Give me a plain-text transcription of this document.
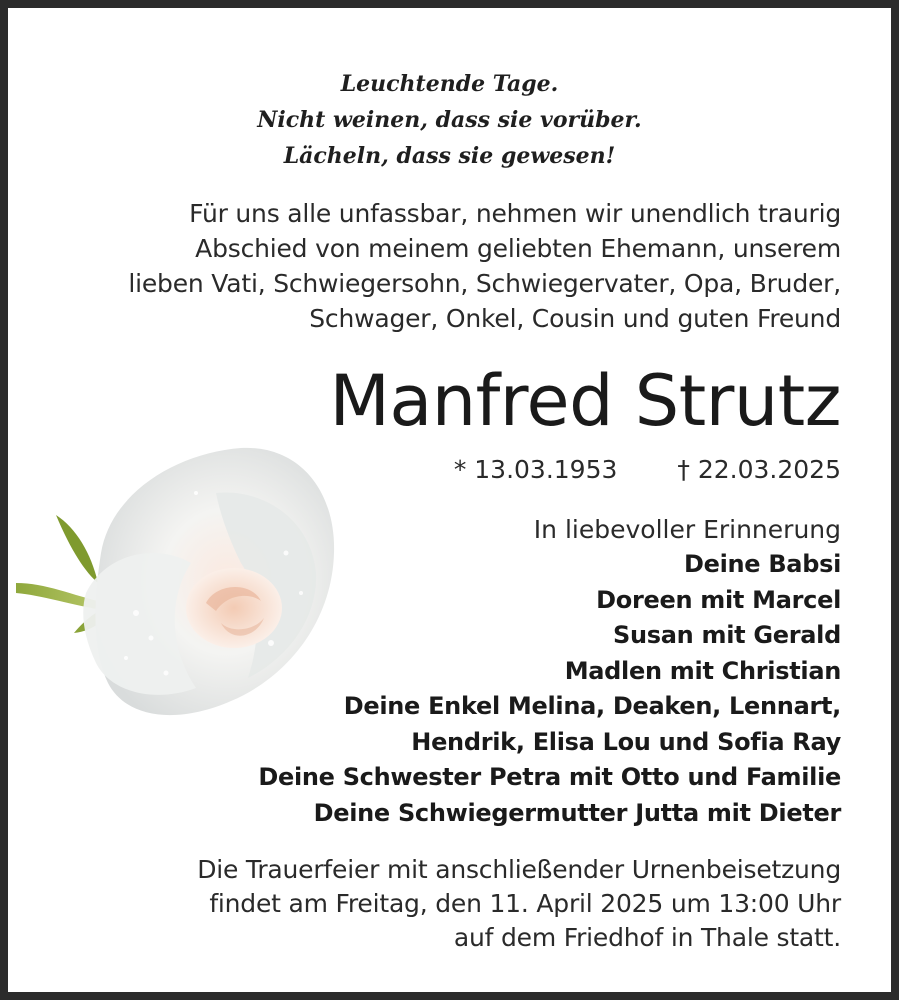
Leuchtende Tage.
Nicht weinen, dass sie vorüber.
Lächeln, dass sie gewesen!
Für uns alle unfassbar, nehmen wir unendlich traurig
Abschied von meinem geliebten Ehemann, unserem
lieben Vati, Schwiegersohn, Schwiegervater, Opa, Bruder,
Schwager, Onkel, Cousin und guten Freund
Manfred Strutz
* 13.03.1953 † 22.03.2025
In liebevoller Erinnerung
Deine Babsi
Doreen mit Marcel
Susan mit Gerald
Madlen mit Christian
Deine Enkel Melina, Deaken, Lennart,
Hendrik, Elisa Lou und Sofia Ray
Deine Schwester Petra mit Otto und Familie
Deine Schwiegermutter Jutta mit Dieter
Die Trauerfeier mit anschließender Urnenbeisetzung
findet am Freitag, den 11. April 2025 um 13:00 Uhr
auf dem Friedhof in Thale statt.
